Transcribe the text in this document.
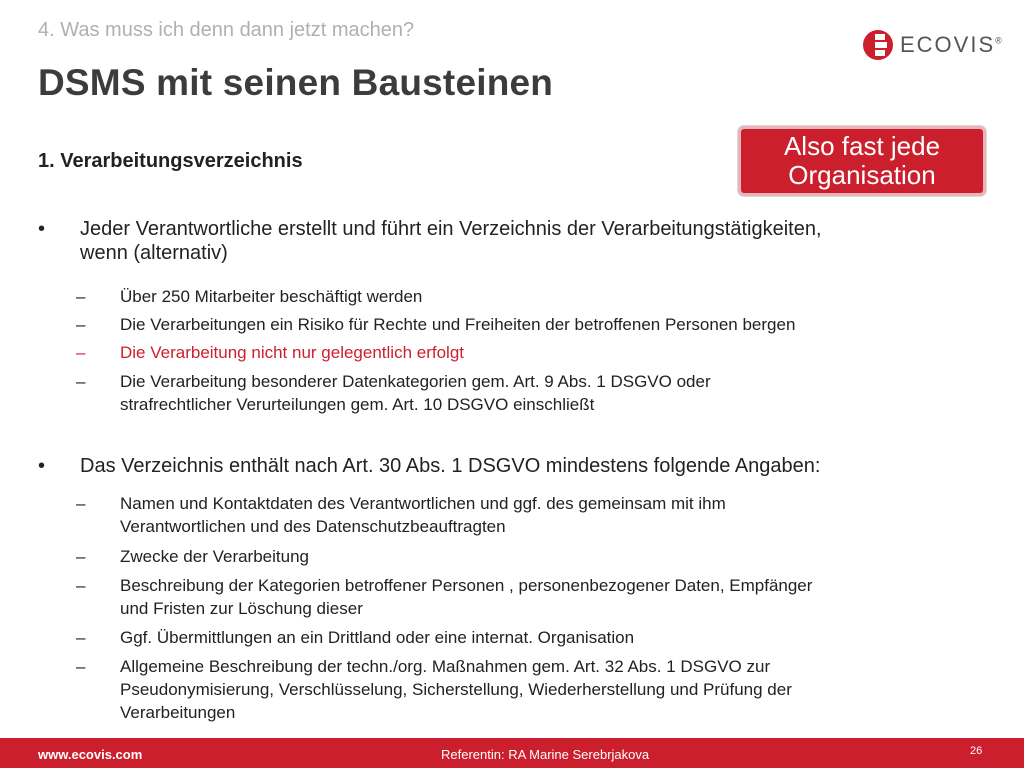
4. Was muss ich denn dann jetzt machen?
DSMS mit seinen Bausteinen
ECOVIS®
Also fast jede
Organisation
1. Verarbeitungsverzeichnis
• Jeder Verantwortliche erstellt und führt ein Verzeichnis der Verarbeitungstätigkeiten,
wenn (alternativ)
– Über 250 Mitarbeiter beschäftigt werden
– Die Verarbeitungen ein Risiko für Rechte und Freiheiten der betroffenen Personen bergen
– Die Verarbeitung nicht nur gelegentlich erfolgt
– Die Verarbeitung besonderer Datenkategorien gem. Art. 9 Abs. 1 DSGVO oder
strafrechtlicher Verurteilungen gem. Art. 10 DSGVO einschließt
• Das Verzeichnis enthält nach Art. 30 Abs. 1 DSGVO mindestens folgende Angaben:
– Namen und Kontaktdaten des Verantwortlichen und ggf. des gemeinsam mit ihm
Verantwortlichen und des Datenschutzbeauftragten
– Zwecke der Verarbeitung
– Beschreibung der Kategorien betroffener Personen , personenbezogener Daten, Empfänger
und Fristen zur Löschung dieser
– Ggf. Übermittlungen an ein Drittland oder eine internat. Organisation
– Allgemeine Beschreibung der techn./org. Maßnahmen gem. Art. 32 Abs. 1 DSGVO zur
Pseudonymisierung, Verschlüsselung, Sicherstellung, Wiederherstellung und Prüfung der
Verarbeitungen
www.ecovis.com	Referentin: RA Marine Serebrjakova	26
